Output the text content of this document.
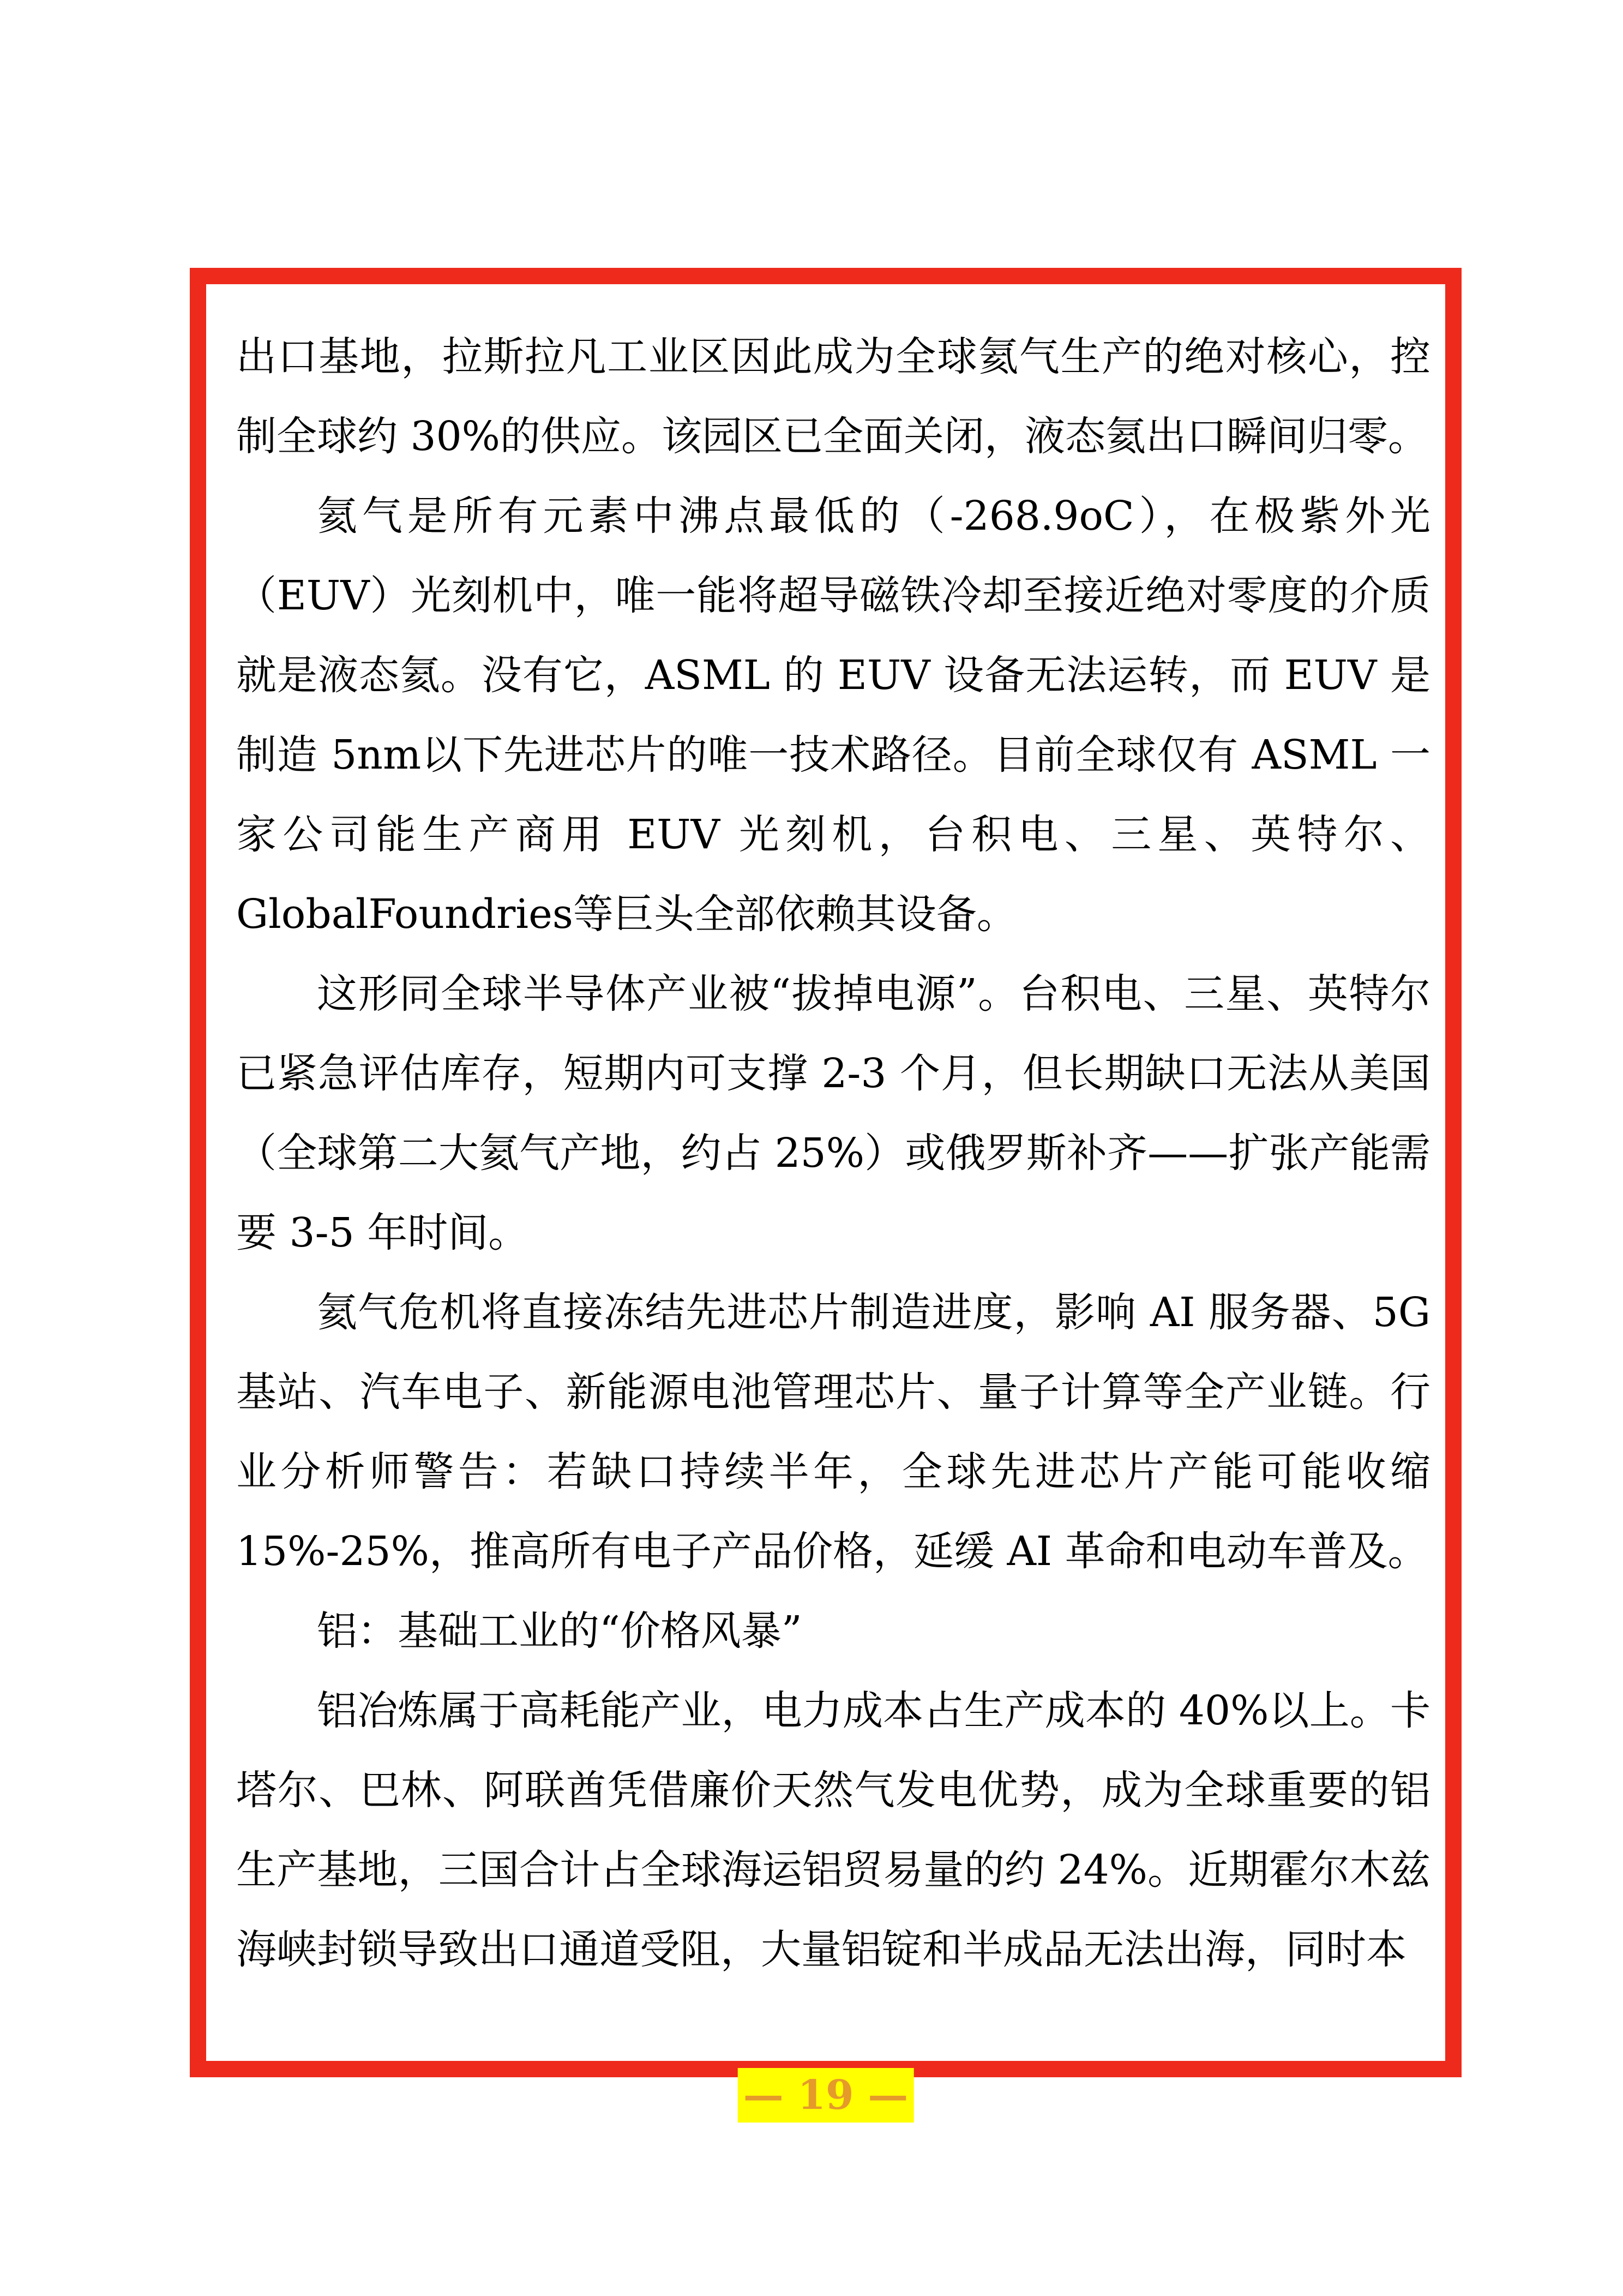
出口基地，拉斯拉凡工业区因此成为全球氦气生产的绝对核心，控制全球约 30%的供应。该园区已全面关闭，液态氦出口瞬间归零。

氦气是所有元素中沸点最低的（-268.9oC），在极紫外光（EUV）光刻机中，唯一能将超导磁铁冷却至接近绝对零度的介质就是液态氦。没有它，ASML 的 EUV 设备无法运转，而 EUV 是制造 5nm以下先进芯片的唯一技术路径。目前全球仅有 ASML 一家公司能生产商用 EUV 光刻机，台积电、三星、英特尔、GlobalFoundries等巨头全部依赖其设备。

这形同全球半导体产业被“拔掉电源”。台积电、三星、英特尔已紧急评估库存，短期内可支撑 2-3 个月，但长期缺口无法从美国（全球第二大氦气产地，约占 25%）或俄罗斯补齐——扩张产能需要 3-5 年时间。

氦气危机将直接冻结先进芯片制造进度，影响 AI 服务器、5G基站、汽车电子、新能源电池管理芯片、量子计算等全产业链。行业分析师警告：若缺口持续半年，全球先进芯片产能可能收缩15%-25%，推高所有电子产品价格，延缓 AI 革命和电动车普及。

铝：基础工业的“价格风暴”

铝冶炼属于高耗能产业，电力成本占生产成本的 40%以上。卡塔尔、巴林、阿联酋凭借廉价天然气发电优势，成为全球重要的铝生产基地，三国合计占全球海运铝贸易量的约 24%。近期霍尔木兹海峡封锁导致出口通道受阻，大量铝锭和半成品无法出海，同时本

— 19 —
